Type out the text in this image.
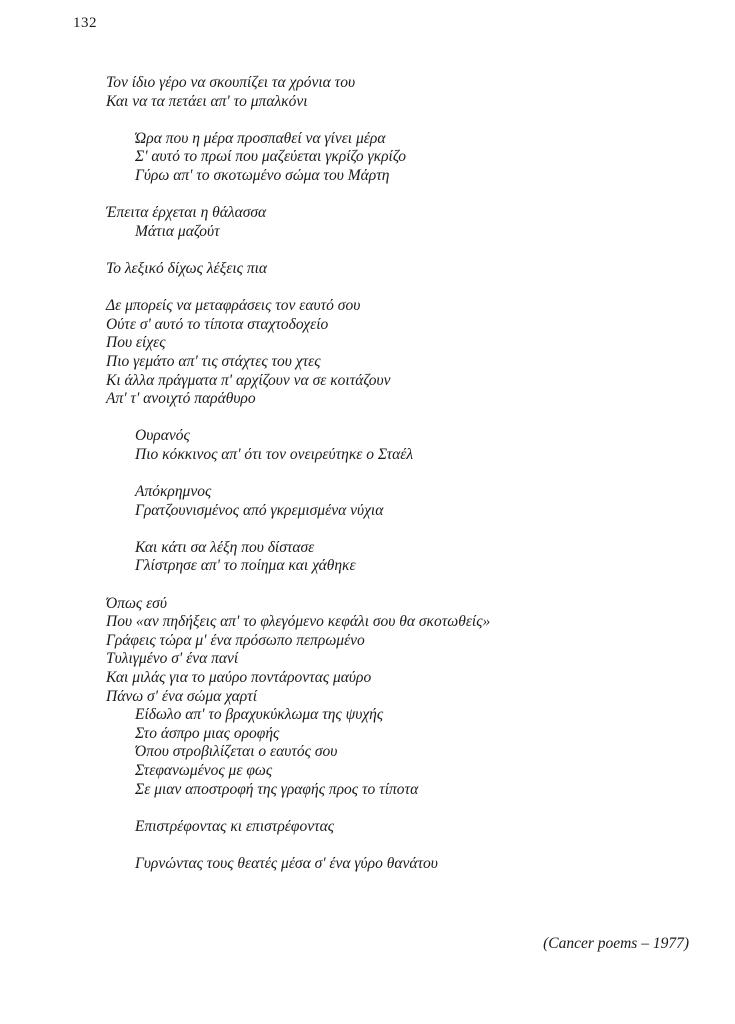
132
Τον ίδιο γέρο να σκουπίζει τα χρόνια του
Και να τα πετάει απ' το μπαλκόνι
Ώρα που η μέρα προσπαθεί να γίνει μέρα
Σ' αυτό το πρωί που μαζεύεται γκρίζο γκρίζο
Γύρω απ' το σκοτωμένο σώμα του Μάρτη
Έπειτα έρχεται η θάλασσα
Μάτια μαζούτ
Το λεξικό δίχως λέξεις πια
Δε μπορείς να μεταφράσεις τον εαυτό σου
Ούτε σ' αυτό το τίποτα σταχτοδοχείο
Που είχες
Πιο γεμάτο απ' τις στάχτες του χτες
Κι άλλα πράγματα π' αρχίζουν να σε κοιτάζουν
Απ' τ' ανοιχτό παράθυρο
Ουρανός
Πιο κόκκινος απ' ότι τον ονειρεύτηκε ο Σταέλ
Απόκρημνος
Γρατζουνισμένος από γκρεμισμένα νύχια
Και κάτι σα λέξη που δίστασε
Γλίστρησε απ' το ποίημα και χάθηκε
Όπως εσύ
Που «αν πηδήξεις απ' το φλεγόμενο κεφάλι σου θα σκοτωθείς»
Γράφεις τώρα μ' ένα πρόσωπο πεπρωμένο
Τυλιγμένο σ' ένα πανί
Και μιλάς για το μαύρο ποντάροντας μαύρο
Πάνω σ' ένα σώμα χαρτί
Είδωλο απ' το βραχυκύκλωμα της ψυχής
Στο άσπρο μιας οροφής
Όπου στροβιλίζεται ο εαυτός σου
Στεφανωμένος με φως
Σε μιαν αποστροφή της γραφής προς το τίποτα
Επιστρέφοντας κι επιστρέφοντας
Γυρνώντας τους θεατές μέσα σ' ένα γύρο θανάτου
(Cancer poems – 1977)
